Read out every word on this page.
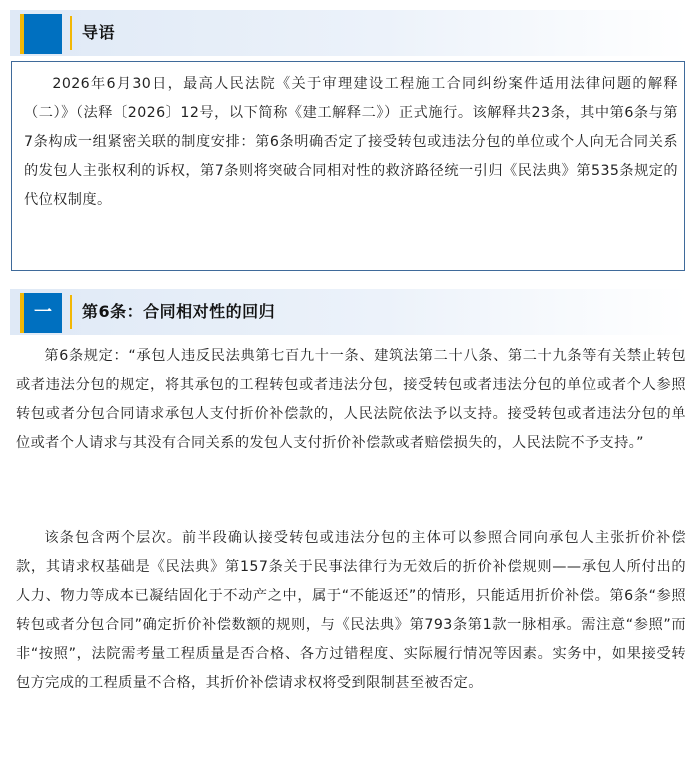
导语

2026年6月30日，最高人民法院《关于审理建设工程施工合同纠纷案件适用法律问题的解释（二）》（法释〔2026〕12号，以下简称《建工解释二》）正式施行。该解释共23条，其中第6条与第7条构成一组紧密关联的制度安排：第6条明确否定了接受转包或违法分包的单位或个人向无合同关系的发包人主张权利的诉权，第7条则将突破合同相对性的救济路径统一引归《民法典》第535条规定的代位权制度。

一	第6条：合同相对性的回归

第6条规定：“承包人违反民法典第七百九十一条、建筑法第二十八条、第二十九条等有关禁止转包或者违法分包的规定，将其承包的工程转包或者违法分包，接受转包或者违法分包的单位或者个人参照转包或者分包合同请求承包人支付折价补偿款的，人民法院依法予以支持。接受转包或者违法分包的单位或者个人请求与其没有合同关系的发包人支付折价补偿款或者赔偿损失的，人民法院不予支持。”

该条包含两个层次。前半段确认接受转包或违法分包的主体可以参照合同向承包人主张折价补偿款，其请求权基础是《民法典》第157条关于民事法律行为无效后的折价补偿规则——承包人所付出的人力、物力等成本已凝结固化于不动产之中，属于“不能返还”的情形，只能适用折价补偿。第6条“参照转包或者分包合同”确定折价补偿数额的规则，与《民法典》第793条第1款一脉相承。需注意“参照”而非“按照”，法院需考量工程质量是否合格、各方过错程度、实际履行情况等因素。实务中，如果接受转包方完成的工程质量不合格，其折价补偿请求权将受到限制甚至被否定。
